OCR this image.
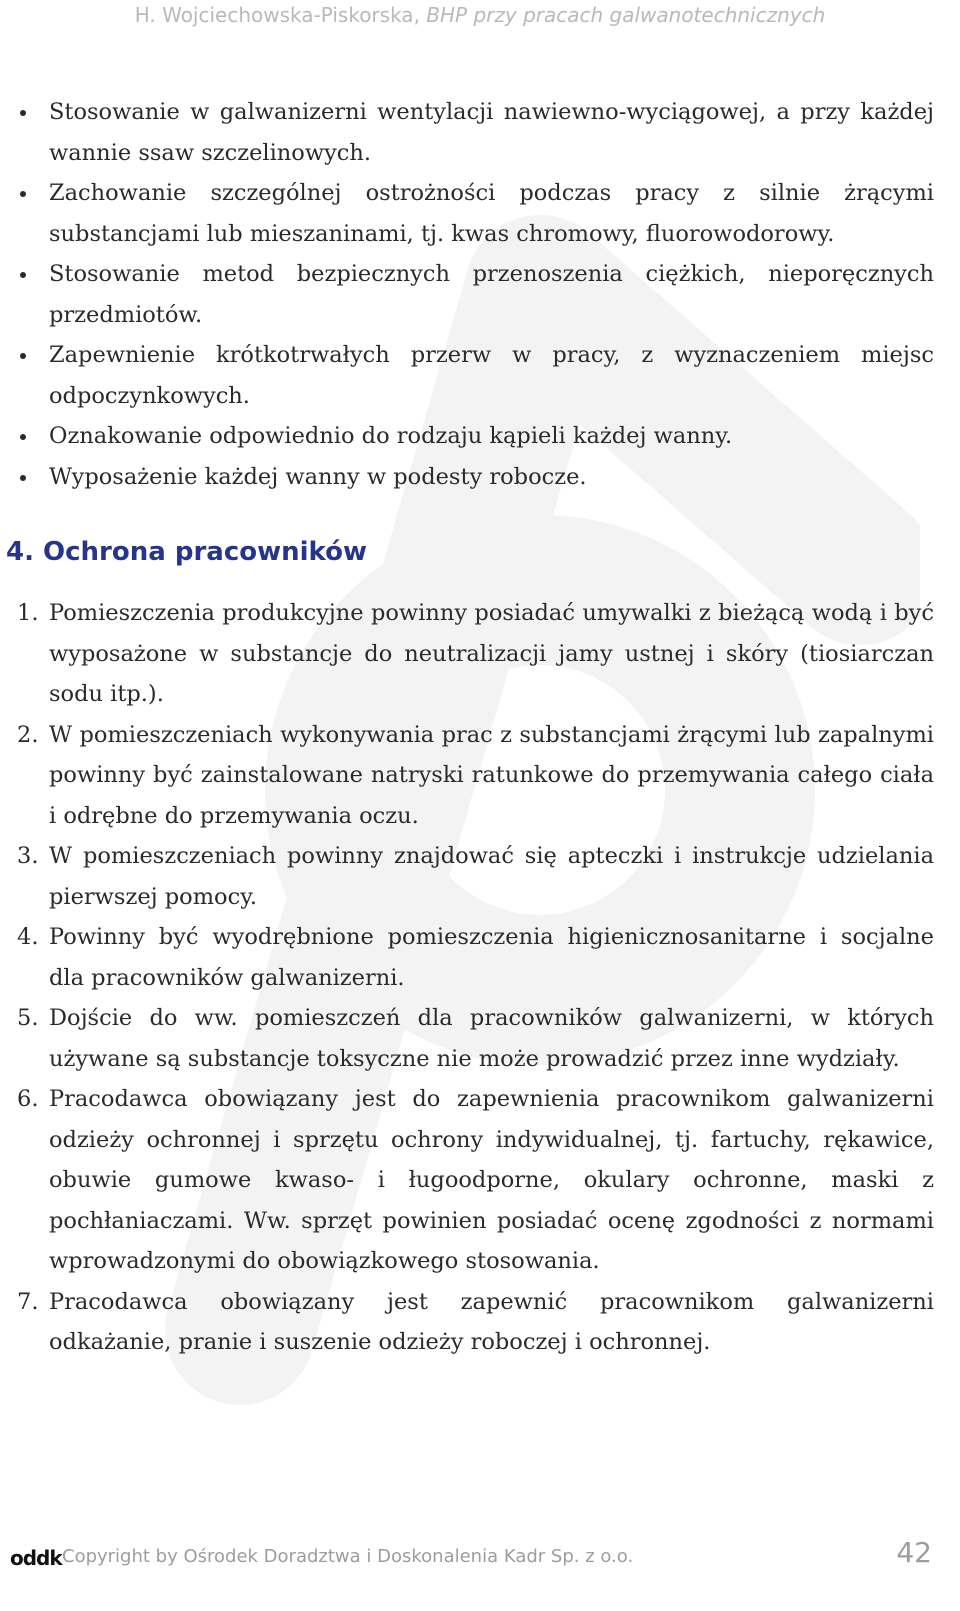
H. Wojciechowska-Piskorska, BHP przy pracach galwanotechnicznych
Stosowanie w galwanizerni wentylacji nawiewno-wyciągowej, a przy każdej wannie ssaw szczelinowych.
Zachowanie szczególnej ostrożności podczas pracy z silnie żrącymi substancjami lub mieszaninami, tj. kwas chromowy, fluorowodorowy.
Stosowanie metod bezpiecznych przenoszenia ciężkich, nieporęcznych przedmiotów.
Zapewnienie krótkotrwałych przerw w pracy, z wyznaczeniem miejsc odpoczynkowych.
Oznakowanie odpowiednio do rodzaju kąpieli każdej wanny.
Wyposażenie każdej wanny w podesty robocze.
4. Ochrona pracowników
1. Pomieszczenia produkcyjne powinny posiadać umywalki z bieżącą wodą i być wyposażone w substancje do neutralizacji jamy ustnej i skóry (tiosiarczan sodu itp.).
2. W pomieszczeniach wykonywania prac z substancjami żrącymi lub zapalnymi powinny być zainstalowane natryski ratunkowe do przemywania całego ciała i odrębne do przemywania oczu.
3. W pomieszczeniach powinny znajdować się apteczki i instrukcje udzielania pierwszej pomocy.
4. Powinny być wyodrębnione pomieszczenia higienicznosanitarne i socjalne dla pracowników galwanizerni.
5. Dojście do ww. pomieszczeń dla pracowników galwanizerni, w których używane są substancje toksyczne nie może prowadzić przez inne wydziały.
6. Pracodawca obowiązany jest do zapewnienia pracownikom galwanizerni odzieży ochronnej i sprzętu ochrony indywidualnej, tj. fartuchy, rękawice, obuwie gumowe kwaso- i ługoodporne, okulary ochronne, maski z pochłaniaczami. Ww. sprzęt powinien posiadać ocenę zgodności z normami wprowadzonymi do obowiązkowego stosowania.
7. Pracodawca obowiązany jest zapewnić pracownikom galwanizerni odkażanie, pranie i suszenie odzieży roboczej i ochronnej.
oddk Copyright by Ośrodek Doradztwa i Doskonalenia Kadr Sp. z o.o.	42
